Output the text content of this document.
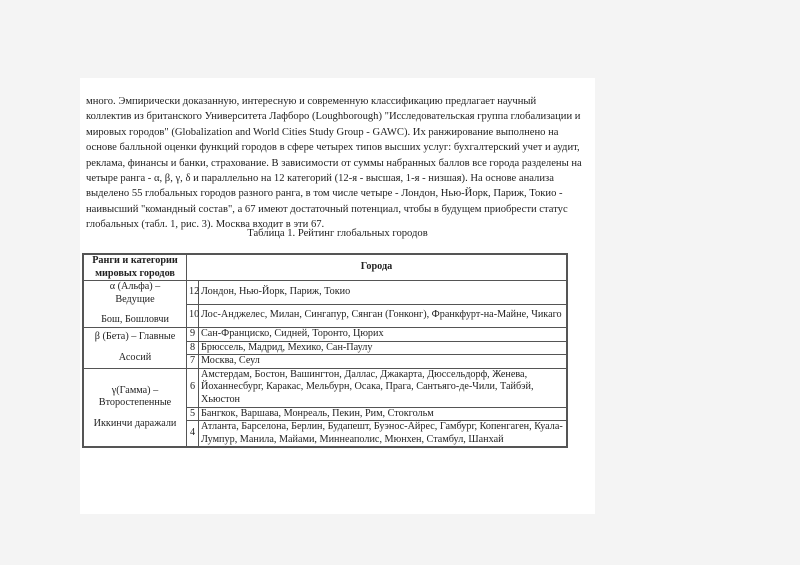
много. Эмпирически доказанную, интересную и современную классификацию предлагает научный
коллектив из британского Университета Лафборо (Loughborough) "Исследовательская группа глобализации и
мировых городов" (Globalization and World Cities Study Group - GAWC). Их ранжирование выполнено на
основе балльной оценки функций городов в сфере четырех типов высших услуг: бухгалтерский учет и аудит,
реклама, финансы и банки, страхование. В зависимости от суммы набранных баллов все города разделены на
четыре ранга - α, β, γ, δ и параллельно на 12 категорий (12-я - высшая, 1-я - низшая). На основе анализа
выделено 55 глобальных городов разного ранга, в том числе четыре - Лондон, Нью-Йорк, Париж, Токио -
наивысший "командный состав", а 67 имеют достаточный потенциал, чтобы в будущем приобрести статус
глобальных (табл. 1, рис. 3). Москва входит в эти 67.

Таблица 1. Рейтинг глобальных городов
Ранги и категории мировых городов	Города	

α (Альфа) –
Ведущие
Бош, Бошловчи	12	Лондон, Нью-Йорк, Париж, Токио
	10	Лос-Анджелес, Милан, Сингапур, Сянган (Гонконг), Франкфурт-на-Майне, Чикаго

β (Бета) – Главные
Асосий	9	Сан-Франциско, Сидней, Торонто, Цюрих
	8	Брюссель, Мадрид, Мехико, Сан-Паулу
	7	Москва, Сеул

γ(Гамма) –
Второстепенные
Иккинчи даражали	6	Амстердам, Бостон, Вашингтон, Даллас, Джакарта, Дюссельдорф, Женева, Йоханнесбург, Каракас, Мельбурн, Осака, Прага, Сантьяго-де-Чили, Тайбэй, Хьюстон
	5	Бангкок, Варшава, Монреаль, Пекин, Рим, Стокгольм
	4	Атланта, Барселона, Берлин, Будапешт, Буэнос-Айрес, Гамбург, Копенгаген, Куала-Лумпур, Манила, Майами, Миннеаполис, Мюнхен, Стамбул, Шанхай
